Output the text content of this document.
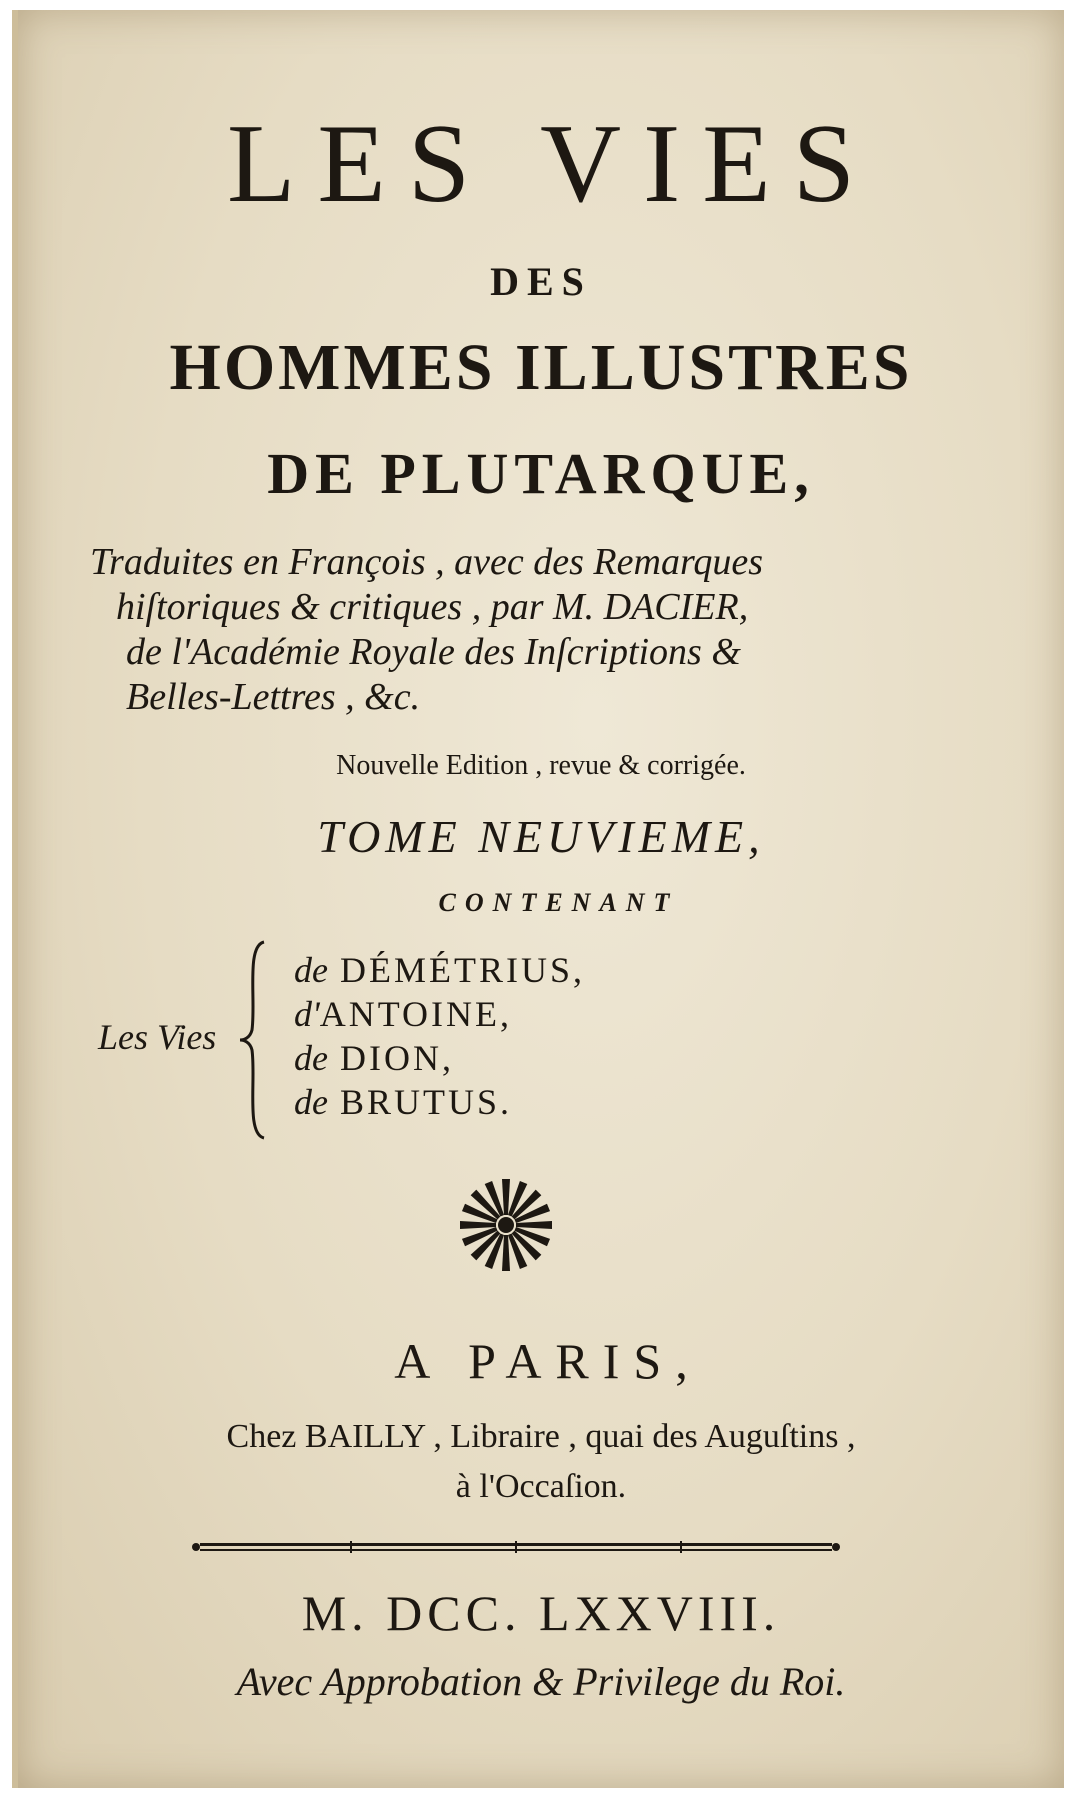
LES VIES
DES
HOMMES ILLUSTRES
DE PLUTARQUE,
Traduites en François , avec des Remarques
hiſtoriques & critiques , par M. DACIER,
de l'Académie Royale des Inſcriptions &
Belles-Lettres , &c.
Nouvelle Edition , revue & corrigée.
TOME NEUVIEME,
CONTENANT
Les Vies
de DÉMÉTRIUS,
d'ANTOINE,
de DION,
de BRUTUS.
A PARIS,
Chez BAILLY , Libraire , quai des Auguſtins ,
à l'Occaſion.
M. DCC. LXXVIII.
Avec Approbation & Privilege du Roi.
